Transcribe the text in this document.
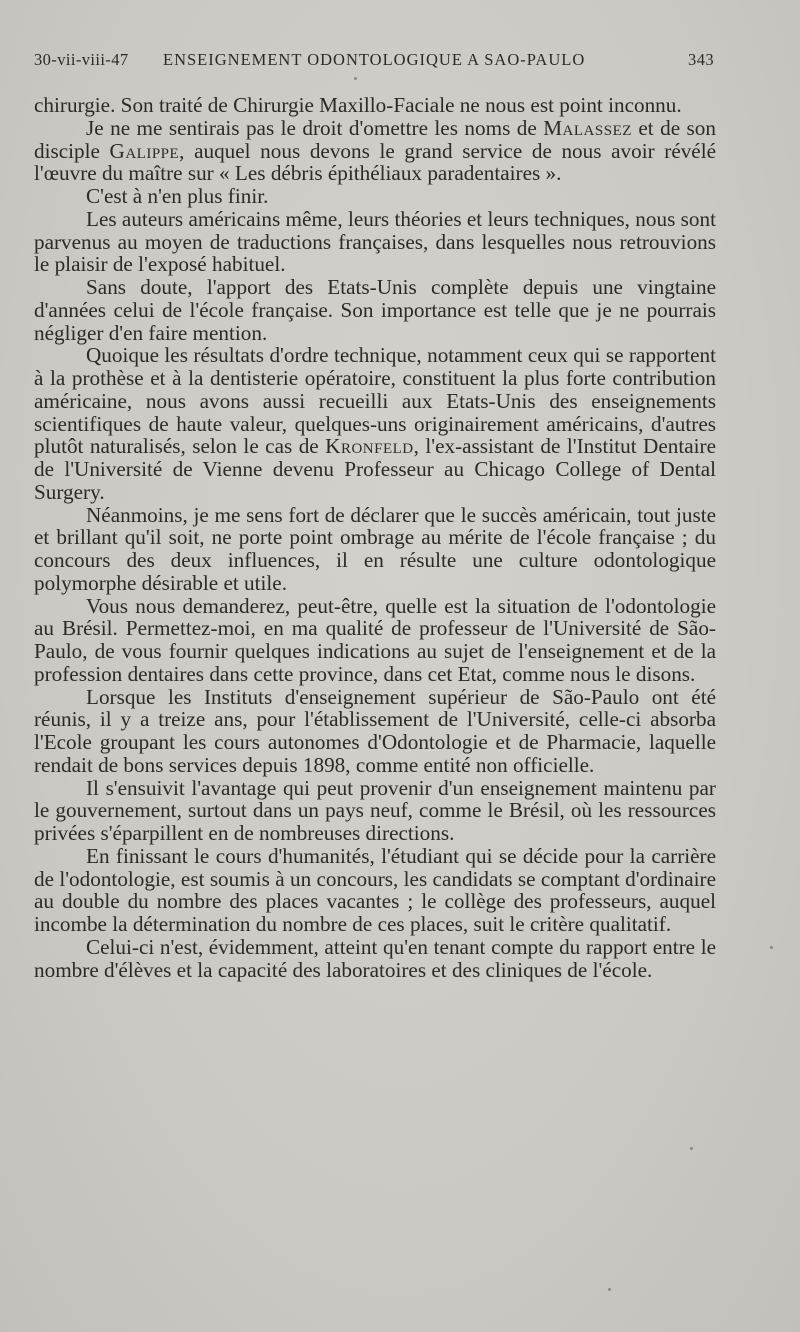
30-vii-viii-47 ENSEIGNEMENT ODONTOLOGIQUE A SAO-PAULO	343

chirurgie. Son traité de Chirurgie Maxillo-Faciale ne nous est point inconnu.

Je ne me sentirais pas le droit d'omettre les noms de Malassez et de son disciple Galippe, auquel nous devons le grand service de nous avoir révélé l'œuvre du maître sur « Les débris épithéliaux paradentaires ».

C'est à n'en plus finir.

Les auteurs américains même, leurs théories et leurs techniques, nous sont parvenus au moyen de traductions françaises, dans lesquelles nous retrouvions le plaisir de l'exposé habituel.

Sans doute, l'apport des Etats-Unis complète depuis une vingtaine d'années celui de l'école française. Son importance est telle que je ne pourrais négliger d'en faire mention.

Quoique les résultats d'ordre technique, notamment ceux qui se rapportent à la prothèse et à la dentisterie opératoire, constituent la plus forte contribution américaine, nous avons aussi recueilli aux Etats-Unis des enseignements scientifiques de haute valeur, quelques-uns originairement américains, d'autres plutôt naturalisés, selon le cas de Kronfeld, l'ex-assistant de l'Institut Dentaire de l'Université de Vienne devenu Professeur au Chicago College of Dental Surgery.

Néanmoins, je me sens fort de déclarer que le succès américain, tout juste et brillant qu'il soit, ne porte point ombrage au mérite de l'école française ; du concours des deux influences, il en résulte une culture odontologique polymorphe désirable et utile.

Vous nous demanderez, peut-être, quelle est la situation de l'odontologie au Brésil. Permettez-moi, en ma qualité de professeur de l'Université de São-Paulo, de vous fournir quelques indications au sujet de l'enseignement et de la profession dentaires dans cette province, dans cet Etat, comme nous le disons.

Lorsque les Instituts d'enseignement supérieur de São-Paulo ont été réunis, il y a treize ans, pour l'établissement de l'Université, celle-ci absorba l'Ecole groupant les cours autonomes d'Odontologie et de Pharmacie, laquelle rendait de bons services depuis 1898, comme entité non officielle.

Il s'ensuivit l'avantage qui peut provenir d'un enseignement maintenu par le gouvernement, surtout dans un pays neuf, comme le Brésil, où les ressources privées s'éparpillent en de nombreuses directions.

En finissant le cours d'humanités, l'étudiant qui se décide pour la carrière de l'odontologie, est soumis à un concours, les candidats se comptant d'ordinaire au double du nombre des places vacantes ; le collège des professeurs, auquel incombe la détermination du nombre de ces places, suit le critère qualitatif.

Celui-ci n'est, évidemment, atteint qu'en tenant compte du rapport entre le nombre d'élèves et la capacité des laboratoires et des cliniques de l'école.
